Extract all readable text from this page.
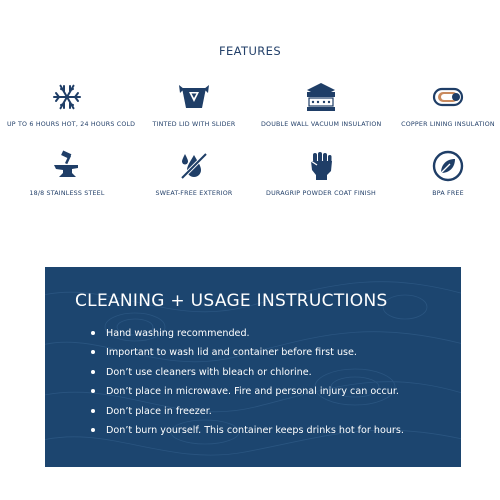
FEATURES
UP TO 6 HOURS HOT, 24 HOURS COLD	TINTED LID WITH SLIDER	DOUBLE WALL VACUUM INSULATION	COPPER LINING INSULATION
18/8 STAINLESS STEEL	SWEAT-FREE EXTERIOR	DURAGRIP POWDER COAT FINISH	BPA FREE
CLEANING + USAGE INSTRUCTIONS
Hand washing recommended.
Important to wash lid and container before first use.
Don’t use cleaners with bleach or chlorine.
Don’t place in microwave. Fire and personal injury can occur.
Don’t place in freezer.
Don’t burn yourself. This container keeps drinks hot for hours.
